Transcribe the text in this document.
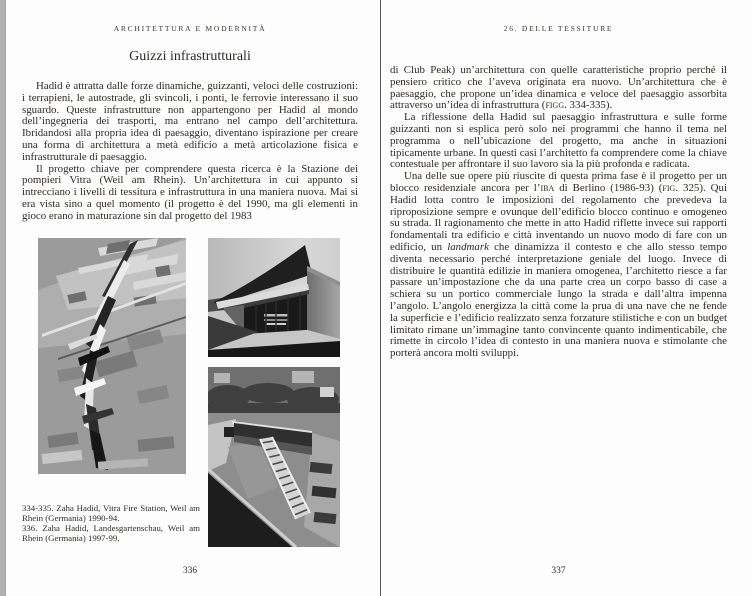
ARCHITETTURA E MODERNITÀ
Guizzi infrastrutturali

Hadid è attratta dalle forze dinamiche, guizzanti, veloci delle costruzioni: i terrapieni, le autostrade, gli svincoli, i ponti, le ferrovie interessano il suo sguardo. Queste infrastrutture non appartengono per Hadid al mondo dell’ingegneria dei trasporti, ma entrano nel campo dell’architettura. Ibridandosi alla propria idea di paesaggio, diventano ispirazione per creare una forma di architettura a metà edificio a metà articolazione fisica e infrastrutturale di paesaggio.

Il progetto chiave per comprendere questa ricerca è la Stazione dei pompieri Vitra (Weil am Rhein). Un’architettura in cui appunto si intrecciano i livelli di tessitura e infrastruttura in una maniera nuova. Mai si era vista sino a quel momento (il progetto è del 1990, ma gli elementi in gioco erano in maturazione sin dal progetto del 1983

334-335. Zaha Hadid, Vitra Fire Station, Weil am Rhein (Germania) 1990-94.

336. Zaha Hadid, Landesgartenschau, Weil am Rhein (Germania) 1997-99.

336
26. DELLE TESSITURE

di Club Peak) un’architettura con quelle caratteristiche proprio perché il pensiero critico che l’aveva originata era nuovo. Un’architettura che è paesaggio, che propone un’idea dinamica e veloce del paesaggio assorbita attraverso un’idea di infrastruttura (figg. 334-335).

La riflessione della Hadid sul paesaggio infrastruttura e sulle forme guizzanti non si esplica però solo nei programmi che hanno il tema nel programma o nell’ubicazione del progetto, ma anche in situazioni tipicamente urbane. In questi casi l’architetto fa comprendere come la chiave contestuale per affrontare il suo lavoro sia la più profonda e radicata.

Una delle sue opere più riuscite di questa prima fase è il progetto per un blocco residenziale ancora per l’iba di Berlino (1986-93) (fig. 325). Qui Hadid lotta contro le imposizioni del regolamento che prevedeva la riproposizione sempre e ovunque dell’edificio blocco continuo e omogeneo su strada. Il ragionamento che mette in atto Hadid riflette invece sui rapporti fondamentali tra edificio e città inventando un nuovo modo di fare con un edificio, un landmark che dinamizza il contesto e che allo stesso tempo diventa necessario perché interpretazione geniale del luogo. Invece di distribuire le quantità edilizie in maniera omogenea, l’architetto riesce a far passare un’impostazione che da una parte crea un corpo basso di case a schiera su un portico commerciale lungo la strada e dall’altra impenna l’angolo. L’angolo energizza la città come la prua di una nave che ne fende la superficie e l’edificio realizzato senza forzature stilistiche e con un budget limitato rimane un’immagine tanto convincente quanto indimenticabile, che rimette in circolo l’idea di contesto in una maniera nuova e stimolante che porterà ancora molti sviluppi.

337
